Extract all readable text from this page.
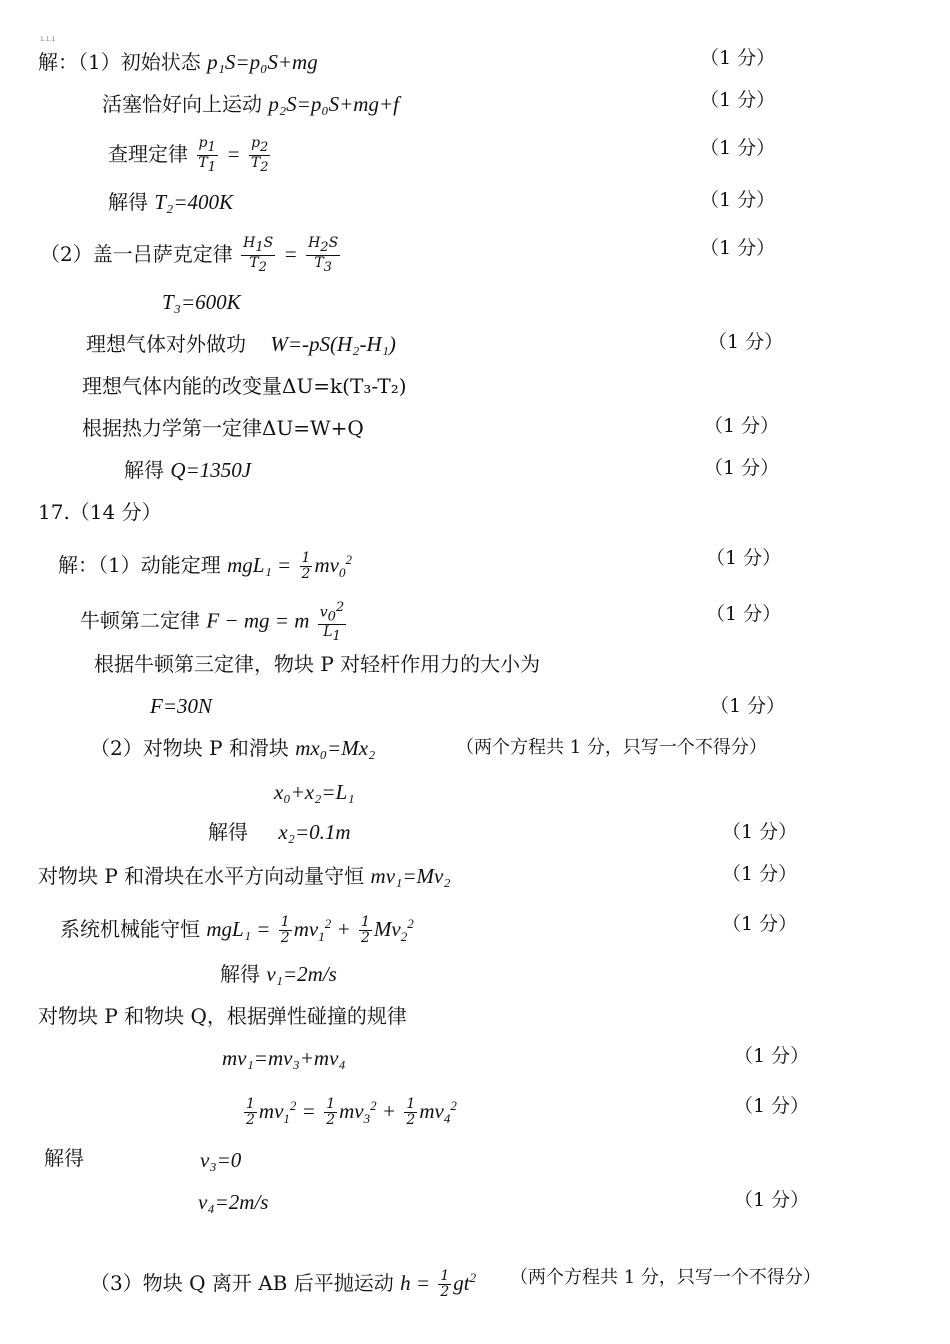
1.1.1
解：（1）初始状态 p₁S=p₀S+mg	（1 分）
活塞恰好向上运动 p₂S=p₀S+mg+f	（1 分）
查理定律 $\frac{p_1}{T_1} = \frac{p_2}{T_2}$	（1 分）
解得 T₂=400K	（1 分）
（2）盖一吕萨克定律 $\frac{H_1S}{T_2} = \frac{H_2S}{T_3}$	（1 分）
T₃=600K
理想气体对外做功 W=-pS(H₂-H₁)	（1 分）
理想气体内能的改变量ΔU=k(T₃-T₂)
根据热力学第一定律ΔU=W+Q	（1 分）
解得 Q=1350J	（1 分）
17.（14 分）
解：（1）动能定理 $mgL_1 = \frac{1}{2} mv_0^2$	（1 分）
牛顿第二定律 F − mg = m $\frac{v_0^2}{L_1}$	（1 分）
根据牛顿第三定律，物块 P 对轻杆作用力的大小为
F=30N	（1 分）
（2）对物块 P 和滑块 mx₀=Mx₂	（两个方程共 1 分，只写一个不得分）
x₀+x₂=L₁
解得 x₂=0.1m	（1 分）
对物块 P 和滑块在水平方向动量守恒 mv₁=Mv₂	（1 分）
系统机械能守恒 $mgL_1 = \frac{1}{2} mv_1^2 + \frac{1}{2} Mv_2^2$	（1 分）
解得 v₁=2m/s
对物块 P 和物块 Q，根据弹性碰撞的规律
mv₁=mv₃+mv₄	（1 分）
$\frac{1}{2} mv_1^2 = \frac{1}{2} mv_3^2 + \frac{1}{2} mv_4^2$	（1 分）
解得	v₃=0
v₄=2m/s	（1 分）
（3）物块 Q 离开 AB 后平抛运动 $h = \frac{1}{2} gt^2$ （两个方程共 1 分，只写一个不得分）
